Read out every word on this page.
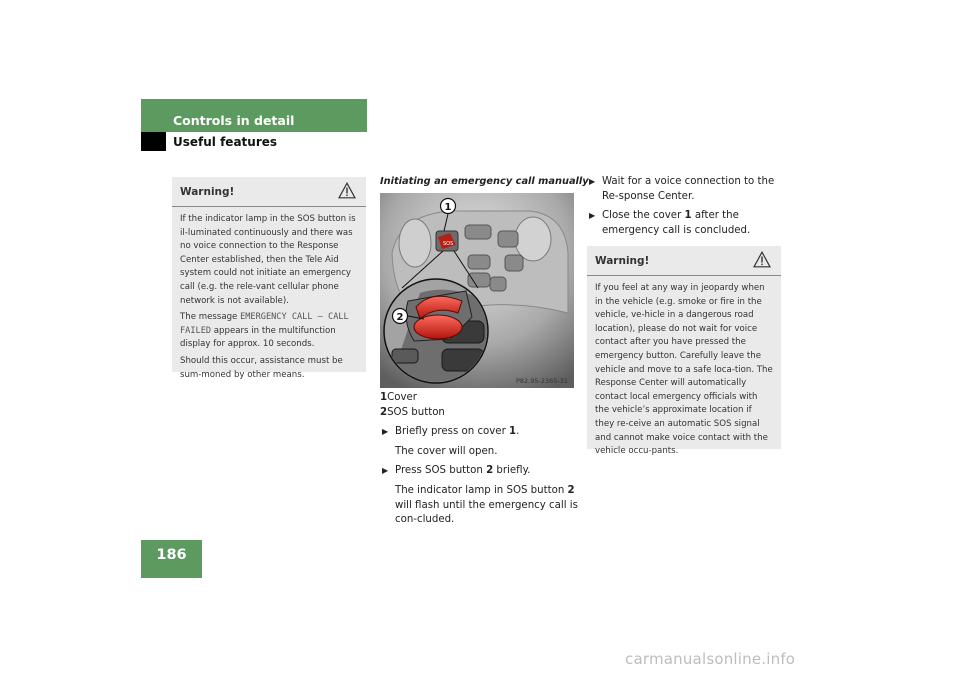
Controls in detail
Useful features
Warning!

If the indicator lamp in the SOS button is il-luminated continuously and there was no voice connection to the Response Center established, then the Tele Aid system could not initiate an emergency call (e.g. the rele-vant cellular phone network is not available).

The message EMERGENCY CALL – CALL FAILED appears in the multifunction display for approx. 10 seconds.

Should this occur, assistance must be sum-moned by other means.

Initiating an emergency call manually
SOS
1
2
P82.95-2365-31
1Cover
2SOS button
▶ Briefly press on cover 1.
The cover will open.
▶ Press SOS button 2 briefly.
The indicator lamp in SOS button 2 will flash until the emergency call is con-cluded.
▶ Wait for a voice connection to the Re-sponse Center.
▶ Close the cover 1 after the emergency call is concluded.
Warning!

If you feel at any way in jeopardy when in the vehicle (e.g. smoke or fire in the vehicle, ve-hicle in a dangerous road location), please do not wait for voice contact after you have pressed the emergency button. Carefully leave the vehicle and move to a safe loca-tion. The Response Center will automatically contact local emergency officials with the vehicle’s approximate location if they re-ceive an automatic SOS signal and cannot make voice contact with the vehicle occu-pants.

186
carmanualsonline.info
